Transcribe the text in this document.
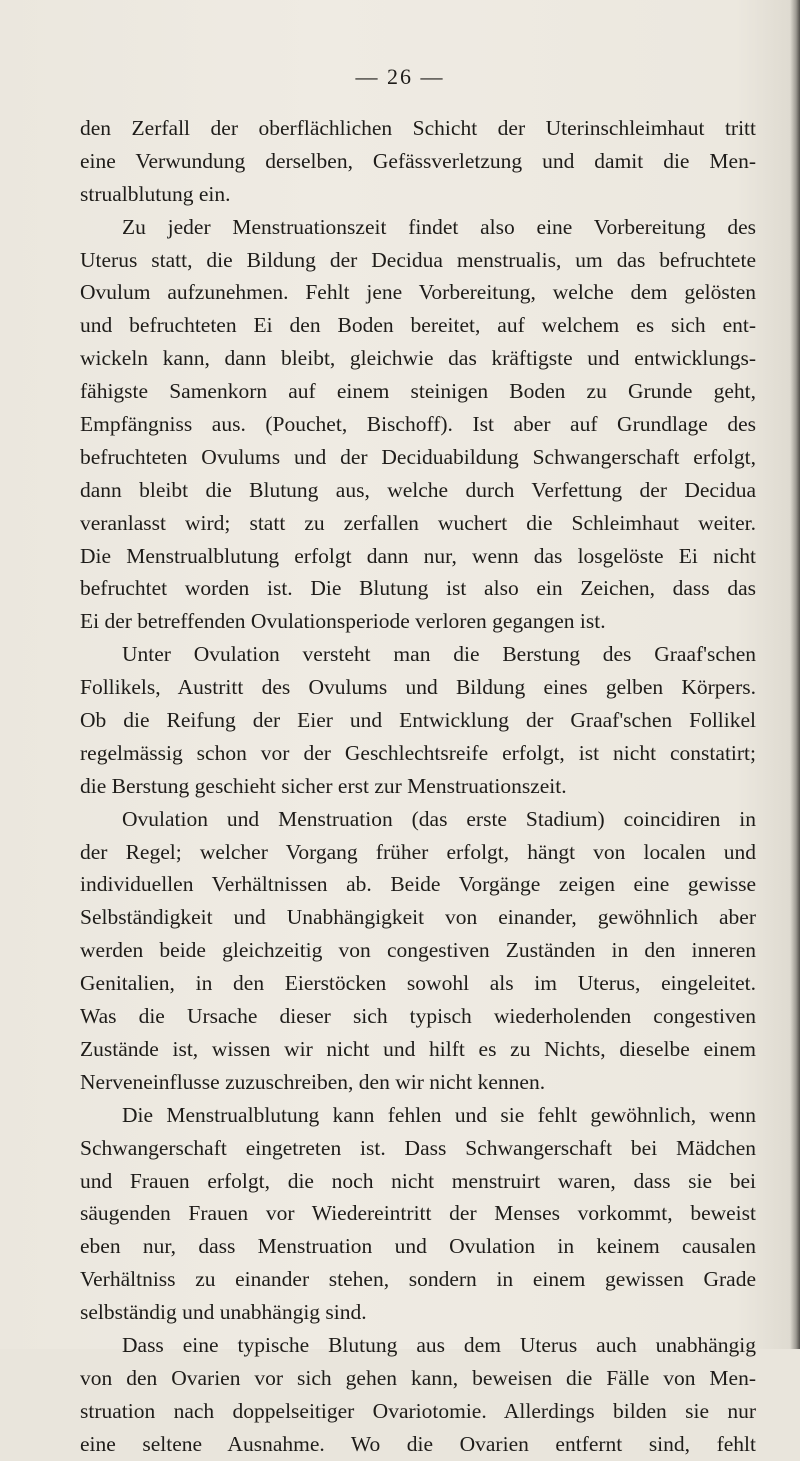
— 26 —
den Zerfall der oberflächlichen Schicht der Uterinschleimhaut tritt
eine Verwundung derselben, Gefässverletzung und damit die Men-
strualblutung ein.
Zu jeder Menstruationszeit findet also eine Vorbereitung des
Uterus statt, die Bildung der Decidua menstrualis, um das befruchtete
Ovulum aufzunehmen. Fehlt jene Vorbereitung, welche dem gelösten
und befruchteten Ei den Boden bereitet, auf welchem es sich ent-
wickeln kann, dann bleibt, gleichwie das kräftigste und entwicklungs-
fähigste Samenkorn auf einem steinigen Boden zu Grunde geht,
Empfängniss aus. (Pouchet, Bischoff). Ist aber auf Grundlage des
befruchteten Ovulums und der Deciduabildung Schwangerschaft erfolgt,
dann bleibt die Blutung aus, welche durch Verfettung der Decidua
veranlasst wird; statt zu zerfallen wuchert die Schleimhaut weiter.
Die Menstrualblutung erfolgt dann nur, wenn das losgelöste Ei nicht
befruchtet worden ist. Die Blutung ist also ein Zeichen, dass das
Ei der betreffenden Ovulationsperiode verloren gegangen ist.
Unter Ovulation versteht man die Berstung des Graaf'schen
Follikels, Austritt des Ovulums und Bildung eines gelben Körpers.
Ob die Reifung der Eier und Entwicklung der Graaf'schen Follikel
regelmässig schon vor der Geschlechtsreife erfolgt, ist nicht constatirt;
die Berstung geschieht sicher erst zur Menstruationszeit.
Ovulation und Menstruation (das erste Stadium) coincidiren in
der Regel; welcher Vorgang früher erfolgt, hängt von localen und
individuellen Verhältnissen ab. Beide Vorgänge zeigen eine gewisse
Selbständigkeit und Unabhängigkeit von einander, gewöhnlich aber
werden beide gleichzeitig von congestiven Zuständen in den inneren
Genitalien, in den Eierstöcken sowohl als im Uterus, eingeleitet.
Was die Ursache dieser sich typisch wiederholenden congestiven
Zustände ist, wissen wir nicht und hilft es zu Nichts, dieselbe einem
Nerveneinflusse zuzuschreiben, den wir nicht kennen.
Die Menstrualblutung kann fehlen und sie fehlt gewöhnlich, wenn
Schwangerschaft eingetreten ist. Dass Schwangerschaft bei Mädchen
und Frauen erfolgt, die noch nicht menstruirt waren, dass sie bei
säugenden Frauen vor Wiedereintritt der Menses vorkommt, beweist
eben nur, dass Menstruation und Ovulation in keinem causalen
Verhältniss zu einander stehen, sondern in einem gewissen Grade
selbständig und unabhängig sind.
Dass eine typische Blutung aus dem Uterus auch unabhängig
von den Ovarien vor sich gehen kann, beweisen die Fälle von Men-
struation nach doppelseitiger Ovariotomie. Allerdings bilden sie nur
eine seltene Ausnahme. Wo die Ovarien entfernt sind, fehlt
